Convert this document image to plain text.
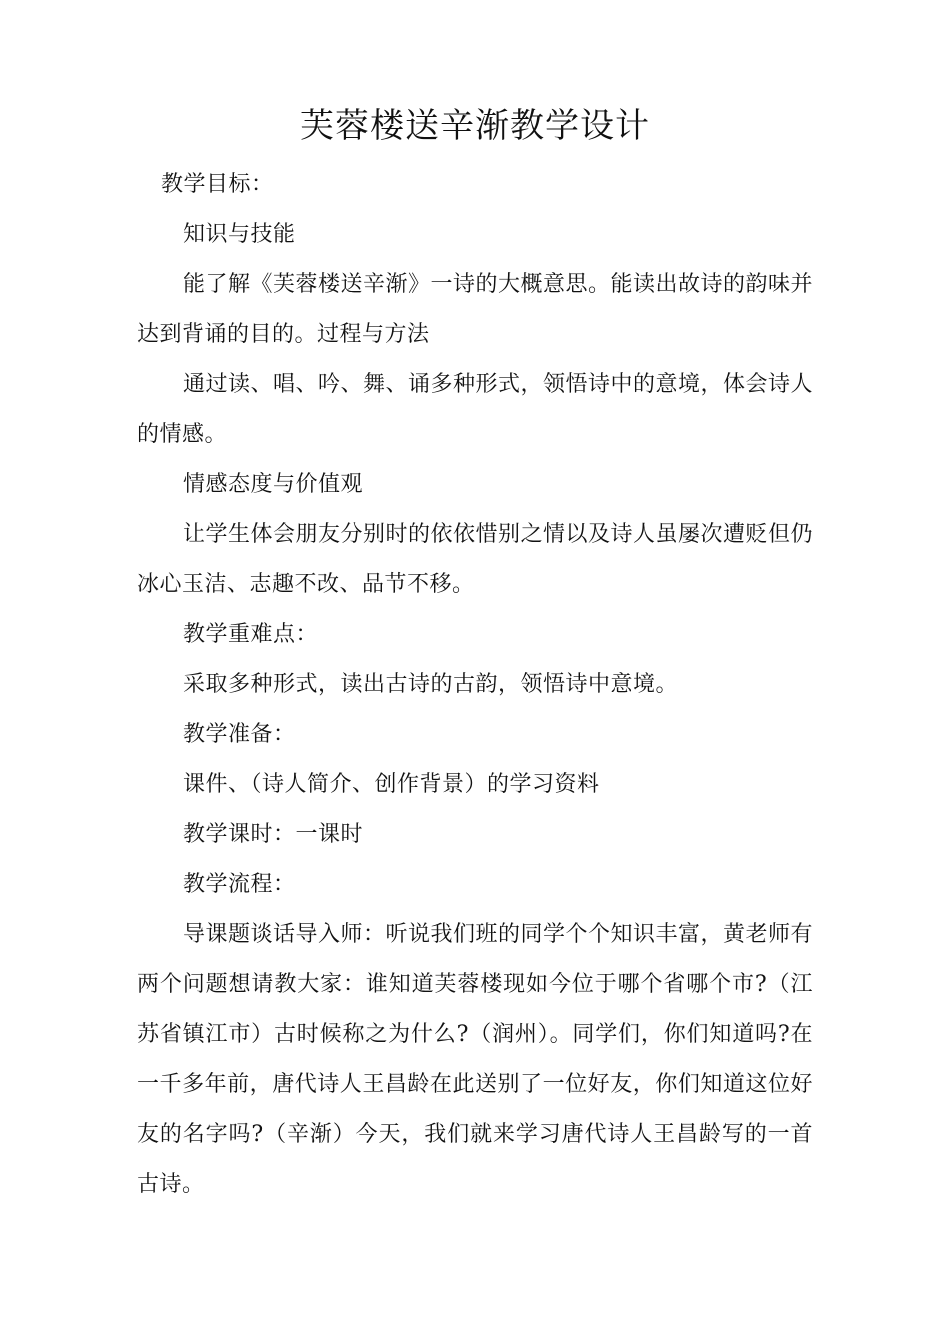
芙蓉楼送辛渐教学设计

教学目标：

知识与技能

能了解《芙蓉楼送辛渐》一诗的大概意思。能读出故诗的韵味并达到背诵的目的。过程与方法

通过读、唱、吟、舞、诵多种形式，领悟诗中的意境，体会诗人的情感。

情感态度与价值观

让学生体会朋友分别时的依依惜别之情以及诗人虽屡次遭贬但仍冰心玉洁、志趣不改、品节不移。

教学重难点：

采取多种形式，读出古诗的古韵，领悟诗中意境。

教学准备：

课件、（诗人简介、创作背景）的学习资料

教学课时：一课时

教学流程：

导课题谈话导入师：听说我们班的同学个个知识丰富，黄老师有两个问题想请教大家：谁知道芙蓉楼现如今位于哪个省哪个市?（江苏省镇江市）古时候称之为什么?（润州）。同学们，你们知道吗?在一千多年前，唐代诗人王昌龄在此送别了一位好友，你们知道这位好友的名字吗?（辛渐）今天，我们就来学习唐代诗人王昌龄写的一首古诗。
